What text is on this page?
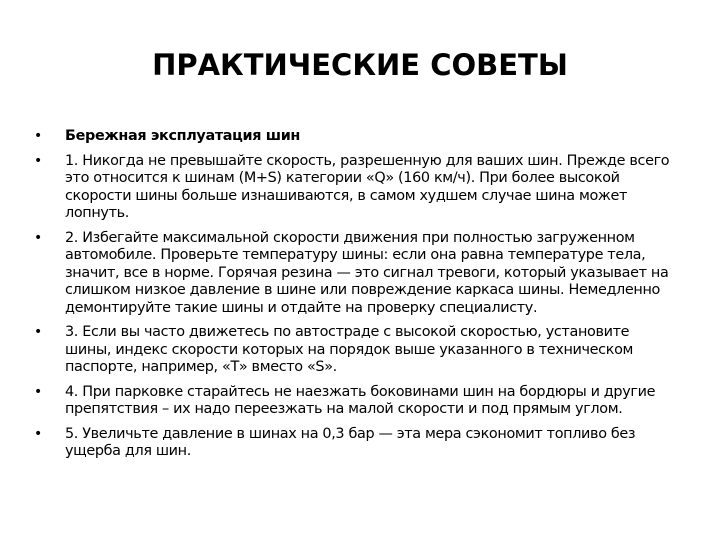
ПРАКТИЧЕСКИЕ СОВЕТЫ
•	Бережная эксплуатация шин
•	1. Никогда не превышайте скорость, разрешенную для ваших шин. Прежде всего это относится к шинам (M+S) категории «Q» (160 км/ч). При более высокой скорости шины больше изнашиваются, в самом худшем случае шина может лопнуть.
•	2. Избегайте максимальной скорости движения при полностью загруженном автомобиле. Проверьте температуру шины: если она равна температуре тела, значит, все в норме. Горячая резина — это сигнал тревоги, который указывает на слишком низкое давление в шине или повреждение каркаса шины. Немедленно демонтируйте такие шины и отдайте на проверку специалисту.
•	3. Если вы часто движетесь по автостраде с высокой скоростью, установите шины, индекс скорости которых на порядок выше указанного в техническом паспорте, например, «Т» вместо «S».
•	4. При парковке старайтесь не наезжать боковинами шин на бордюры и другие препятствия – их надо переезжать на малой скорости и под прямым углом.
•	5. Увеличьте давление в шинах на 0,3 бар — эта мера сэкономит топливо без ущерба для шин.
